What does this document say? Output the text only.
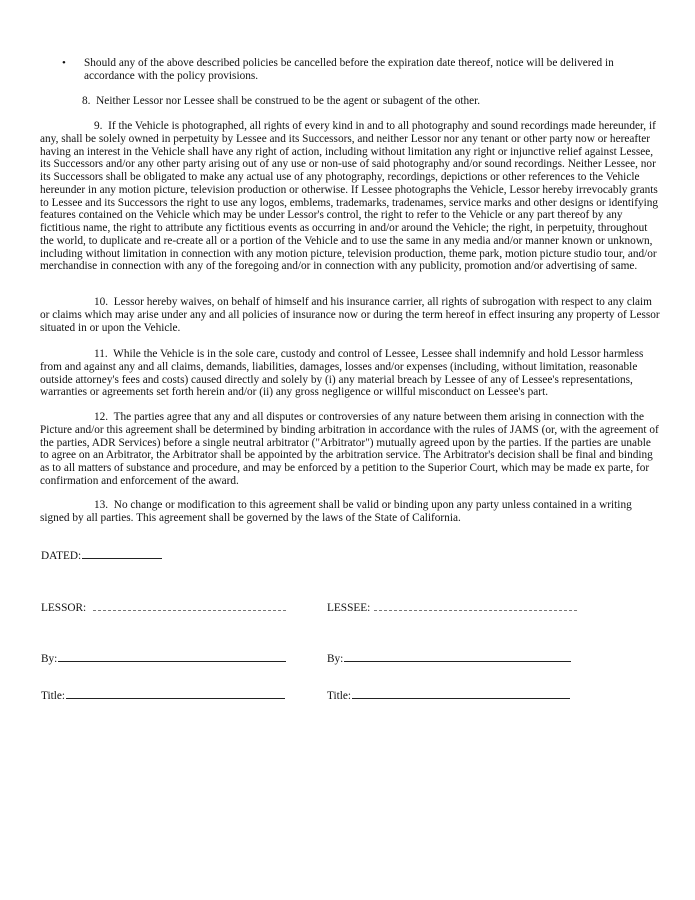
• Should any of the above described policies be cancelled before the expiration date thereof, notice will be delivered in accordance with the policy provisions.
8. Neither Lessor nor Lessee shall be construed to be the agent or subagent of the other.
9. If the Vehicle is photographed, all rights of every kind in and to all photography and sound recordings made hereunder, if any, shall be solely owned in perpetuity by Lessee and its Successors, and neither Lessor nor any tenant or other party now or hereafter having an interest in the Vehicle shall have any right of action, including without limitation any right or injunctive relief against Lessee, its Successors and/or any other party arising out of any use or non-use of said photography and/or sound recordings. Neither Lessee, nor its Successors shall be obligated to make any actual use of any photography, recordings, depictions or other references to the Vehicle hereunder in any motion picture, television production or otherwise. If Lessee photographs the Vehicle, Lessor hereby irrevocably grants to Lessee and its Successors the right to use any logos, emblems, trademarks, tradenames, service marks and other designs or identifying features contained on the Vehicle which may be under Lessor's control, the right to refer to the Vehicle or any part thereof by any fictitious name, the right to attribute any fictitious events as occurring in and/or around the Vehicle; the right, in perpetuity, throughout the world, to duplicate and re-create all or a portion of the Vehicle and to use the same in any media and/or manner known or unknown, including without limitation in connection with any motion picture, television production, theme park, motion picture studio tour, and/or merchandise in connection with any of the foregoing and/or in connection with any publicity, promotion and/or advertising of same.
10. Lessor hereby waives, on behalf of himself and his insurance carrier, all rights of subrogation with respect to any claim or claims which may arise under any and all policies of insurance now or during the term hereof in effect insuring any property of Lessor situated in or upon the Vehicle.
11. While the Vehicle is in the sole care, custody and control of Lessee, Lessee shall indemnify and hold Lessor harmless from and against any and all claims, demands, liabilities, damages, losses and/or expenses (including, without limitation, reasonable outside attorney's fees and costs) caused directly and solely by (i) any material breach by Lessee of any of Lessee's representations, warranties or agreements set forth herein and/or (ii) any gross negligence or willful misconduct on Lessee's part.
12. The parties agree that any and all disputes or controversies of any nature between them arising in connection with the Picture and/or this agreement shall be determined by binding arbitration in accordance with the rules of JAMS (or, with the agreement of the parties, ADR Services) before a single neutral arbitrator ("Arbitrator") mutually agreed upon by the parties. If the parties are unable to agree on an Arbitrator, the Arbitrator shall be appointed by the arbitration service. The Arbitrator's decision shall be final and binding as to all matters of substance and procedure, and may be enforced by a petition to the Superior Court, which may be made ex parte, for confirmation and enforcement of the award.
13. No change or modification to this agreement shall be valid or binding upon any party unless contained in a writing signed by all parties. This agreement shall be governed by the laws of the State of California.
DATED:
LESSOR:	LESSEE:
By:	By:
Title:	Title:
